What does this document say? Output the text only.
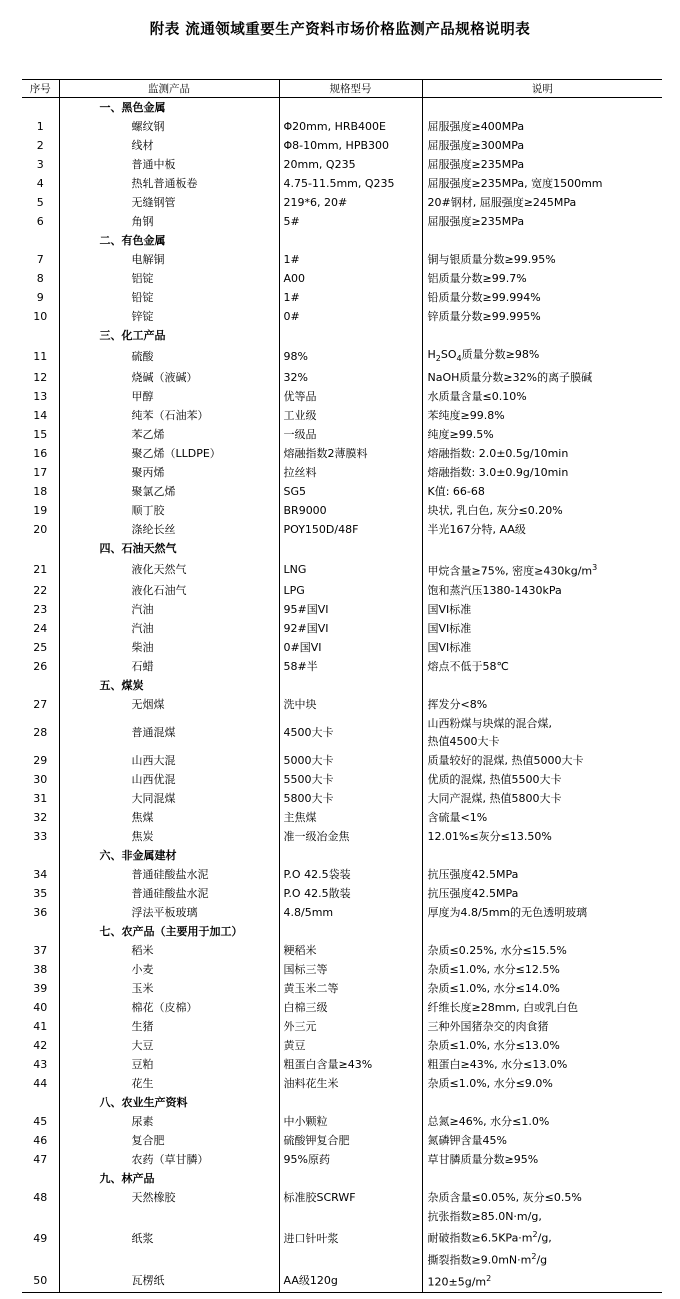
附表 流通领域重要生产资料市场价格监测产品规格说明表
序号	监测产品	规格型号	说明
	一、黑色金属		
1	螺纹钢	Φ20mm, HRB400E	屈服强度≥400MPa
2	线材	Φ8-10mm, HPB300	屈服强度≥300MPa
3	普通中板	20mm, Q235	屈服强度≥235MPa
4	热轧普通板卷	4.75-11.5mm, Q235	屈服强度≥235MPa, 宽度1500mm
5	无缝钢管	219*6, 20#	20#钢材, 屈服强度≥245MPa
6	角钢	5#	屈服强度≥235MPa
	二、有色金属		
7	电解铜	1#	铜与银质量分数≥99.95%
8	铝锭	A00	铝质量分数≥99.7%
9	铅锭	1#	铅质量分数≥99.994%
10	锌锭	0#	锌质量分数≥99.995%
	三、化工产品		
11	硫酸	98%	$H_2SO_4$质量分数≥98%
12	烧碱（液碱）	32%	NaOH质量分数≥32%的离子膜碱
13	甲醇	优等品	水质量含量≤0.10%
14	纯苯（石油苯）	工业级	苯纯度≥99.8%
15	苯乙烯	一级品	纯度≥99.5%
16	聚乙烯（LLDPE）	熔融指数2薄膜料	熔融指数: 2.0±0.5g/10min
17	聚丙烯	拉丝料	熔融指数: 3.0±0.9g/10min
18	聚氯乙烯	SG5	K值: 66-68
19	顺丁胶	BR9000	块状, 乳白色, 灰分≤0.20%
20	涤纶长丝	POY150D/48F	半光167分特, AA级
	四、石油天然气		
21	液化天然气	LNG	甲烷含量≥75%, 密度$\ge 430kg/m^3$
22	液化石油气	LPG	饱和蒸汽压1380-1430kPa
23	汽油	95#国VI	国VI标准
24	汽油	92#国VI	国VI标准
25	柴油	0#国VI	国VI标准
26	石蜡	58#半	熔点不低于58℃
	五、煤炭		
27	无烟煤	洗中块	挥发分<8%
28	普通混煤	4500大卡	山西粉煤与块煤的混合煤,
热值4500大卡
29	山西大混	5000大卡	质量较好的混煤, 热值5000大卡
30	山西优混	5500大卡	优质的混煤, 热值5500大卡
31	大同混煤	5800大卡	大同产混煤, 热值5800大卡
32	焦煤	主焦煤	含硫量<1%
33	焦炭	准一级冶金焦	12.01%≤灰分≤13.50%
	六、非金属建材		
34	普通硅酸盐水泥	P.O 42.5袋装	抗压强度42.5MPa
35	普通硅酸盐水泥	P.O 42.5散装	抗压强度42.5MPa
36	浮法平板玻璃	4.8/5mm	厚度为4.8/5mm的无色透明玻璃
	七、农产品（主要用于加工）		
37	稻米	粳稻米	杂质≤0.25%, 水分≤15.5%
38	小麦	国标三等	杂质≤1.0%, 水分≤12.5%
39	玉米	黄玉米二等	杂质≤1.0%, 水分≤14.0%
40	棉花（皮棉）	白棉三级	纤维长度≥28mm, 白或乳白色
41	生猪	外三元	三种外国猪杂交的肉食猪
42	大豆	黄豆	杂质≤1.0%, 水分≤13.0%
43	豆粕	粗蛋白含量≥43%	粗蛋白≥43%, 水分≤13.0%
44	花生	油料花生米	杂质≤1.0%, 水分≤9.0%
	八、农业生产资料		
45	尿素	中小颗粒	总氮≥46%, 水分≤1.0%
46	复合肥	硫酸钾复合肥	氮磷钾含量45%
47	农药（草甘膦）	95%原药	草甘膦质量分数≥95%
	九、林产品		
48	天然橡胶	标准胶SCRWF	杂质含量≤0.05%, 灰分≤0.5%
49	纸浆	进口针叶浆	抗张指数≥85.0N·m/g,
耐破指数$\ge 6.5KPa\cdot m^2/g$,
撕裂指数$\ge 9.0mN\cdot m^2/g$
50	瓦楞纸	AA级120g	$120\pm 5g/m^2$
